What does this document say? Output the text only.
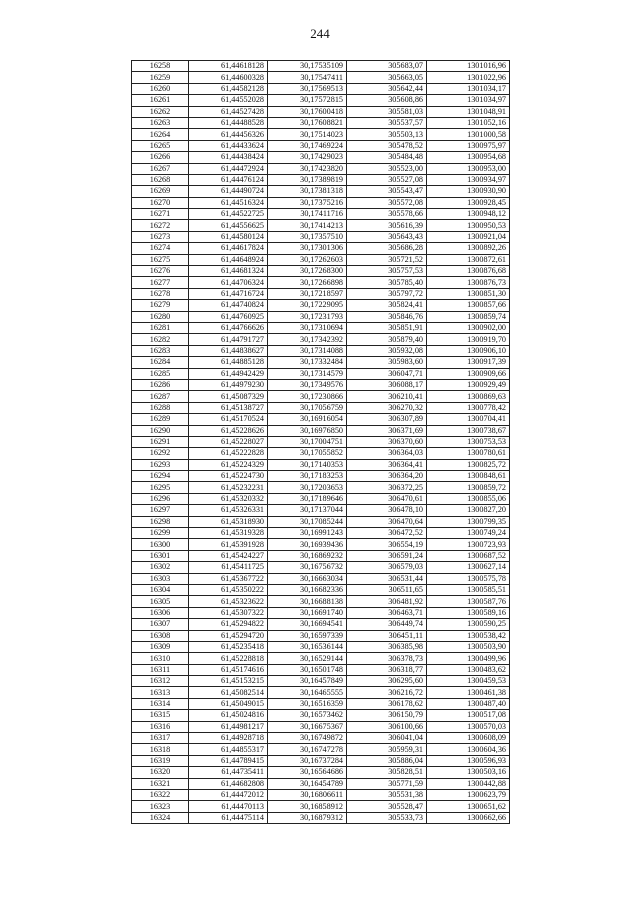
244
16258	61,44618128	30,17535109	305683,07	1301016,96
16259	61,44600328	30,17547411	305663,05	1301022,96
16260	61,44582128	30,17569513	305642,44	1301034,17
16261	61,44552028	30,17572815	305608,86	1301034,97
16262	61,44527428	30,17600418	305581,03	1301048,91
16263	61,44488528	30,17608821	305537,57	1301052,16
16264	61,44456326	30,17514023	305503,13	1301000,58
16265	61,44433624	30,17469224	305478,52	1300975,97
16266	61,44438424	30,17429023	305484,48	1300954,68
16267	61,44472924	30,17423820	305523,00	1300953,00
16268	61,44476124	30,17389819	305527,08	1300934,97
16269	61,44490724	30,17381318	305543,47	1300930,90
16270	61,44516324	30,17375216	305572,08	1300928,45
16271	61,44522725	30,17411716	305578,66	1300948,12
16272	61,44556625	30,17414213	305616,39	1300950,53
16273	61,44580124	30,17357510	305643,43	1300921,04
16274	61,44617824	30,17301306	305686,28	1300892,26
16275	61,44648924	30,17262603	305721,52	1300872,61
16276	61,44681324	30,17268300	305757,53	1300876,68
16277	61,44706324	30,17266898	305785,40	1300876,73
16278	61,44716724	30,17218597	305797,72	1300851,30
16279	61,44740824	30,17229095	305824,41	1300857,66
16280	61,44760925	30,17231793	305846,76	1300859,74
16281	61,44766626	30,17310694	305851,91	1300902,00
16282	61,44791727	30,17342392	305879,40	1300919,70
16283	61,44838627	30,17314088	305932,08	1300906,10
16284	61,44885128	30,17332484	305983,60	1300917,39
16285	61,44942429	30,17314579	306047,71	1300909,66
16286	61,44979230	30,17349576	306088,17	1300929,49
16287	61,45087329	30,17230866	306210,41	1300869,63
16288	61,45138727	30,17056759	306270,32	1300778,42
16289	61,45170524	30,16916054	306307,89	1300704,41
16290	61,45228626	30,16976850	306371,69	1300738,67
16291	61,45228027	30,17004751	306370,60	1300753,53
16292	61,45222828	30,17055852	306364,03	1300780,61
16293	61,45224329	30,17140353	306364,41	1300825,72
16294	61,45224730	30,17183253	306364,20	1300848,61
16295	61,45232231	30,17203653	306372,25	1300859,72
16296	61,45320332	30,17189646	306470,61	1300855,06
16297	61,45326331	30,17137044	306478,10	1300827,20
16298	61,45318930	30,17085244	306470,64	1300799,35
16299	61,45319328	30,16991243	306472,52	1300749,24
16300	61,45391928	30,16939436	306554,19	1300723,93
16301	61,45424227	30,16869232	306591,24	1300687,52
16302	61,45411725	30,16756732	306579,03	1300627,14
16303	61,45367722	30,16663034	306531,44	1300575,78
16304	61,45350222	30,16682336	306511,65	1300585,51
16305	61,45323622	30,16688138	306481,92	1300587,76
16306	61,45307322	30,16691740	306463,71	1300589,16
16307	61,45294822	30,16694541	306449,74	1300590,25
16308	61,45294720	30,16597339	306451,11	1300538,42
16309	61,45235418	30,16536144	306385,98	1300503,90
16310	61,45228818	30,16529144	306378,73	1300499,96
16311	61,45174616	30,16501748	306318,77	1300483,62
16312	61,45153215	30,16457849	306295,60	1300459,53
16313	61,45082514	30,16465555	306216,72	1300461,38
16314	61,45049015	30,16516359	306178,62	1300487,40
16315	61,45024816	30,16573462	306150,79	1300517,08
16316	61,44981217	30,16675367	306100,66	1300570,03
16317	61,44928718	30,16749872	306041,04	1300608,09
16318	61,44855317	30,16747278	305959,31	1300604,36
16319	61,44789415	30,16737284	305886,04	1300596,93
16320	61,44735411	30,16564686	305828,51	1300503,16
16321	61,44682808	30,16454789	305771,59	1300442,88
16322	61,44472012	30,16806611	305531,38	1300623,79
16323	61,44470113	30,16858912	305528,47	1300651,62
16324	61,44475114	30,16879312	305533,73	1300662,66
